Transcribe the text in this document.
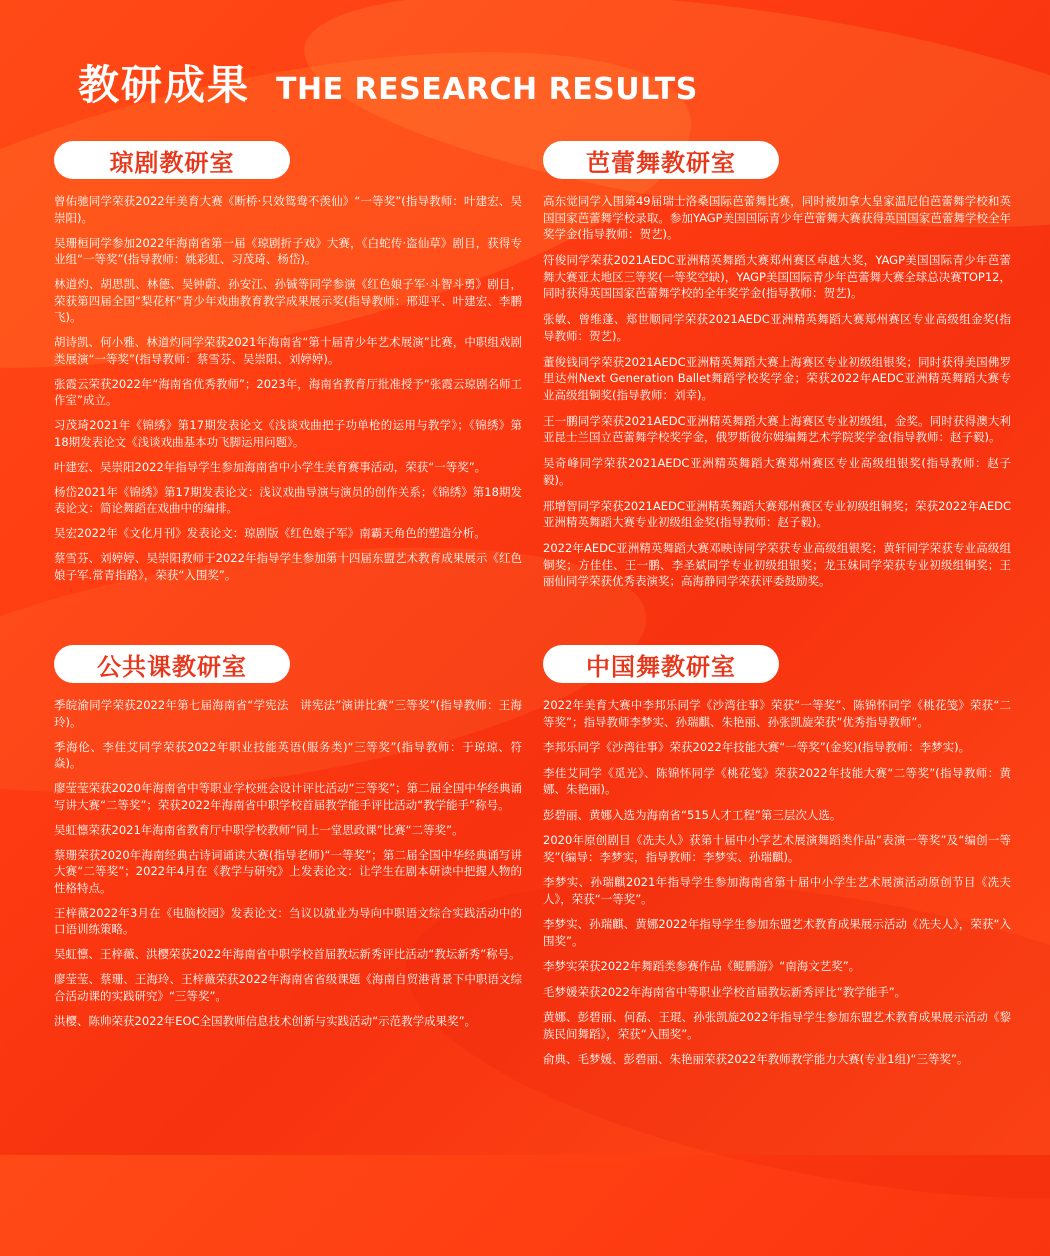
教研成果 THE RESEARCH RESULTS
琼剧教研室
曾佑驰同学荣获2022年美育大赛《断桥·只效鸳鸯不羡仙》“一等奖”(指导教师：叶建宏、吴崇阳)。
吴珊桓同学参加2022年海南省第一届《琼剧折子戏》大赛，《白蛇传·盗仙草》剧目，获得专业组“一等奖”(指导教师：姚彩虹、习茂琦、杨岱)。
林道灼、胡思凯、林德、吴钟蔚、孙安江、孙铖等同学参演《红色娘子军·斗智斗勇》剧目，荣获第四届全国“梨花杯”青少年戏曲教育教学成果展示奖(指导教师：邢迎平、叶建宏、李鹏飞)。
胡诗凯、何小雅、林道灼同学荣获2021年海南省“第十届青少年艺术展演”比赛，中职组戏剧类展演“一等奖”(指导教师：蔡雪芬、吴崇阳、刘婷婷)。
张霞云荣获2022年“海南省优秀教师”；2023年，海南省教育厅批准授予“张霞云琼剧名师工作室”成立。
习茂琦2021年《锦绣》第17期发表论文《浅谈戏曲把子功单枪的运用与教学》；《锦绣》第18期发表论文《浅谈戏曲基本功飞脚运用问题》。
叶建宏、吴崇阳2022年指导学生参加海南省中小学生美育赛事活动，荣获“一等奖”。
杨岱2021年《锦绣》第17期发表论文：浅议戏曲导演与演员的创作关系；《锦绣》第18期发表论文：简论舞蹈在戏曲中的编排。
吴宏2022年《文化月刊》发表论文：琼剧版《红色娘子军》南霸天角色的塑造分析。
蔡雪芬、刘婷婷、吴崇阳教师于2022年指导学生参加第十四届东盟艺术教育成果展示《红色娘子军.常青指路》，荣获“入围奖”。
芭蕾舞教研室
高东觉同学入围第49届瑞士洛桑国际芭蕾舞比赛，同时被加拿大皇家温尼伯芭蕾舞学校和英国国家芭蕾舞学校录取。参加YAGP美国国际青少年芭蕾舞大赛获得英国国家芭蕾舞学校全年奖学金(指导教师：贺艺)。
符俊同学荣获2021AEDC亚洲精英舞蹈大赛郑州赛区卓越大奖，YAGP美国国际青少年芭蕾舞大赛亚太地区三等奖(一等奖空缺)，YAGP美国国际青少年芭蕾舞大赛全球总决赛TOP12，同时获得英国国家芭蕾舞学校的全年奖学金(指导教师：贺艺)。
张敏、曾维蓬、郑世顺同学荣获2021AEDC亚洲精英舞蹈大赛郑州赛区专业高级组金奖(指导教师：贺艺)。
董俊钱同学荣获2021AEDC亚洲精英舞蹈大赛上海赛区专业初级组银奖；同时获得美国佛罗里达州Next Generation Ballet舞蹈学校奖学金；荣获2022年AEDC亚洲精英舞蹈大赛专业高级组铜奖(指导教师：刘幸)。
王一鹏同学荣获2021AEDC亚洲精英舞蹈大赛上海赛区专业初级组，金奖。同时获得澳大利亚昆士兰国立芭蕾舞学校奖学金，俄罗斯彼尔姆编舞艺术学院奖学金(指导教师：赵子毅)。
吴奇峰同学荣获2021AEDC亚洲精英舞蹈大赛郑州赛区专业高级组银奖(指导教师：赵子毅)。
邢增智同学荣获2021AEDC亚洲精英舞蹈大赛郑州赛区专业初级组铜奖；荣获2022年AEDC亚洲精英舞蹈大赛专业初级组金奖(指导教师：赵子毅)。
2022年AEDC亚洲精英舞蹈大赛邓映诗同学荣获专业高级组银奖；黄轩同学荣获专业高级组铜奖；方佳佳、王一鹏、李圣斌同学专业初级组银奖；龙玉妹同学荣获专业初级组铜奖；王丽仙同学荣获优秀表演奖；高海静同学荣获评委鼓励奖。
公共课教研室
季皖渝同学荣获2022年第七届海南省“学宪法　讲宪法”演讲比赛“三等奖”(指导教师：王海玲)。
季海伦、李佳艾同学荣获2022年职业技能英语(服务类)“三等奖”(指导教师：于琼琼、符焱)。
廖莹莹荣获2020年海南省中等职业学校班会设计评比活动“三等奖”；第二届全国中华经典诵写讲大赛“二等奖”；荣获2022年海南省中职学校首届教学能手评比活动“教学能手”称号。
吴虹懔荣获2021年海南省教育厅中职学校教师“同上一堂思政课”比赛“二等奖”。
蔡珊荣获2020年海南经典古诗词诵读大赛(指导老师)“一等奖”；第二届全国中华经典诵写讲大赛“二等奖”；2022年4月在《教学与研究》上发表论文：让学生在剧本研读中把握人物的性格特点。
王梓薇2022年3月在《电脑校园》发表论文：刍议以就业为导向中职语文综合实践活动中的口语训练策略。
吴虹懔、王梓薇、洪樱荣获2022年海南省中职学校首届教坛新秀评比活动“教坛新秀”称号。
廖莹莹、蔡珊、王海玲、王梓薇荣获2022年海南省省级课题《海南自贸港背景下中职语文综合活动课的实践研究》“三等奖”。
洪樱、陈帅荣获2022年EOC全国教师信息技术创新与实践活动“示范教学成果奖”。
中国舞教研室
2022年美育大赛中李邦乐同学《沙湾往事》荣获“一等奖”、陈锦怀同学《桃花笺》荣获“二等奖”；指导教师李梦实、孙瑞麒、朱艳丽、孙张凯旋荣获“优秀指导教师”。
李邦乐同学《沙湾往事》荣获2022年技能大赛“一等奖”(金奖)(指导教师：李梦实)。
李佳艾同学《觅光》、陈锦怀同学《桃花笺》荣获2022年技能大赛“二等奖”(指导教师：黄娜、朱艳丽)。
彭碧丽、黄娜入选为海南省“515人才工程”第三层次人选。
2020年原创剧目《冼夫人》获第十届中小学艺术展演舞蹈类作品“表演一等奖”及“编创一等奖”(编导：李梦实，指导教师：李梦实、孙瑞麒)。
李梦实、孙瑞麒2021年指导学生参加海南省第十届中小学生艺术展演活动原创节目《冼夫人》，荣获“一等奖”。
李梦实、孙瑞麒、黄娜2022年指导学生参加东盟艺术教育成果展示活动《冼夫人》，荣获“入围奖”。
李梦实荣获2022年舞蹈类参赛作品《鲲鹏游》“南海文艺奖”。
毛梦媛荣获2022年海南省中等职业学校首届教坛新秀评比“教学能手”。
黄娜、彭碧丽、何磊、王琨、孙张凯旋2022年指导学生参加东盟艺术教育成果展示活动《黎族民间舞蹈》，荣获“入围奖”。
俞典、毛梦媛、彭碧丽、朱艳丽荣获2022年教师教学能力大赛(专业1组)“三等奖”。
